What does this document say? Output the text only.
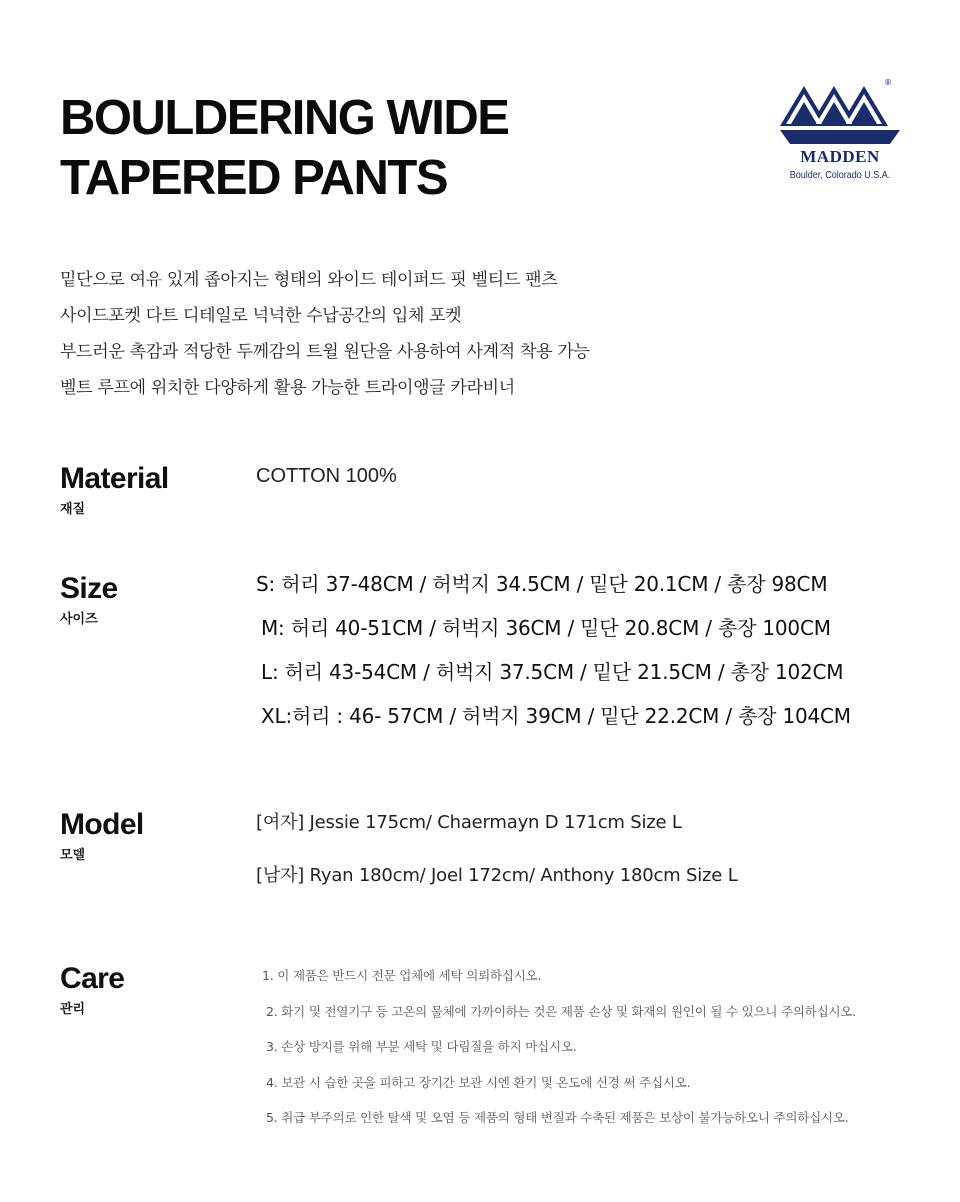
BOULDERING WIDE
TAPERED PANTS
®
MADDEN
Boulder, Colorado U.S.A.
밑단으로 여유 있게 좁아지는 형태의 와이드 테이퍼드 핏 벨티드 팬츠
사이드포켓 다트 디테일로 넉넉한 수납공간의 입체 포켓
부드러운 촉감과 적당한 두께감의 트윌 원단을 사용하여 사계적 착용 가능
벨트 루프에 위치한 다양하게 활용 가능한 트라이앵글 카라비너
Material
재질
COTTON 100%
Size
사이즈
S: 허리 37-48CM / 허벅지 34.5CM / 밑단 20.1CM / 총장 98CM
M: 허리 40-51CM / 허벅지 36CM / 밑단 20.8CM / 총장 100CM
L: 허리 43-54CM / 허벅지 37.5CM / 밑단 21.5CM / 총장 102CM
XL:허리 : 46- 57CM / 허벅지 39CM / 밑단 22.2CM / 총장 104CM
Model
모델
[여자] Jessie 175cm/ Chaermayn D 171cm Size L
[남자] Ryan 180cm/ Joel 172cm/ Anthony 180cm Size L
Care
관리
1. 이 제품은 반드시 전문 업체에 세탁 의뢰하십시오.
2. 화기 및 전열기구 등 고온의 물체에 가까이하는 것은 제품 손상 및 화재의 원인이 될 수 있으니 주의하십시오.
3. 손상 방지를 위해 부분 세탁 및 다림질을 하지 마십시오.
4. 보관 시 습한 곳을 피하고 장기간 보관 시엔 환기 및 온도에 신경 써 주십시오.
5. 취급 부주의로 인한 탈색 및 오염 등 제품의 형태 변질과 수축된 제품은 보상이 불가능하오니 주의하십시오.
